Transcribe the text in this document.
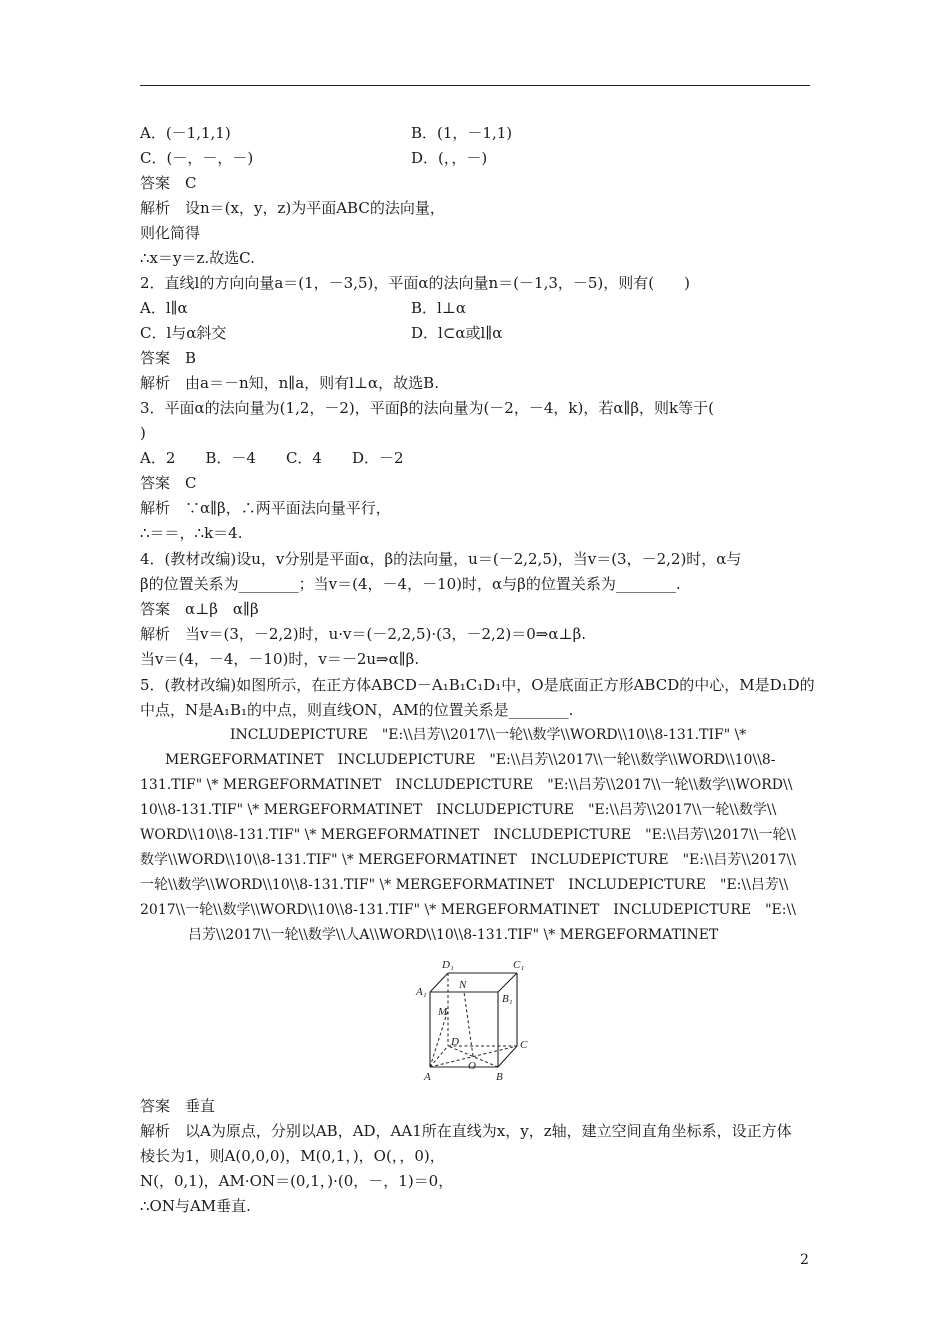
A．(－1,1,1)	B．(1，－1,1)
C．(－，－，－)	D．(，，－)
答案　C
解析　设n＝(x，y，z)为平面ABC的法向量，
则化简得
∴x＝y＝z.故选C.
2．直线l的方向向量a＝(1，－3,5)，平面α的法向量n＝(－1,3，－5)，则有(　　)
A．l∥α	B．l⊥α
C．l与α斜交	D．l⊂α或l∥α
答案　B
解析　由a＝－n知，n∥a，则有l⊥α，故选B.
3．平面α的法向量为(1,2，－2)，平面β的法向量为(－2，－4，k)，若α∥β，则k等于(
)
A．2　　B．－4　　C．4　　D．－2
答案　C
解析　∵α∥β，∴两平面法向量平行，
∴＝＝，∴k＝4.
4．(教材改编)设u，v分别是平面α，β的法向量，u＝(－2,2,5)，当v＝(3，－2,2)时，α与
β的位置关系为________；当v＝(4，－4，－10)时，α与β的位置关系为________.
答案　α⊥β　α∥β
解析　当v＝(3，－2,2)时，u·v＝(－2,2,5)·(3，－2,2)＝0⇒α⊥β.
当v＝(4，－4，－10)时，v＝－2u⇒α∥β.
5．(教材改编)如图所示，在正方体ABCD－A₁B₁C₁D₁中，O是底面正方形ABCD的中心，M是D₁D的
中点，N是A₁B₁的中点，则直线ON，AM的位置关系是________.
INCLUDEPICTURE　"E:\\吕芳\\2017\\一轮\\数学\\WORD\\10\\8-131.TIF" \*
MERGEFORMATINET　INCLUDEPICTURE　"E:\\吕芳\\2017\\一轮\\数学\\WORD\\10\\8-
131.TIF" \* MERGEFORMATINET　INCLUDEPICTURE　"E:\\吕芳\\2017\\一轮\\数学\\WORD\\
10\\8-131.TIF" \* MERGEFORMATINET　INCLUDEPICTURE　"E:\\吕芳\\2017\\一轮\\数学\\
WORD\\10\\8-131.TIF" \* MERGEFORMATINET　INCLUDEPICTURE　"E:\\吕芳\\2017\\一轮\\
数学\\WORD\\10\\8-131.TIF" \* MERGEFORMATINET　INCLUDEPICTURE　"E:\\吕芳\\2017\\
一轮\\数学\\WORD\\10\\8-131.TIF" \* MERGEFORMATINET　INCLUDEPICTURE　"E:\\吕芳\\
2017\\一轮\\数学\\WORD\\10\\8-131.TIF" \* MERGEFORMATINET　INCLUDEPICTURE　"E:\\
吕芳\\2017\\一轮\\数学\\人A\\WORD\\10\\8-131.TIF" \* MERGEFORMATINET
D₁	C₁
A₁
B₁
N
M
D	C
O
A	B
答案　垂直
解析　以A为原点，分别以AB，AD，AA1所在直线为x，y，z轴，建立空间直角坐标系，设正方体
棱长为1，则A(0,0,0)，M(0,1，)，O(，，0)，
N(，0,1)，AM·ON＝(0,1，)·(0，－，1)＝0，
∴ON与AM垂直.
2
